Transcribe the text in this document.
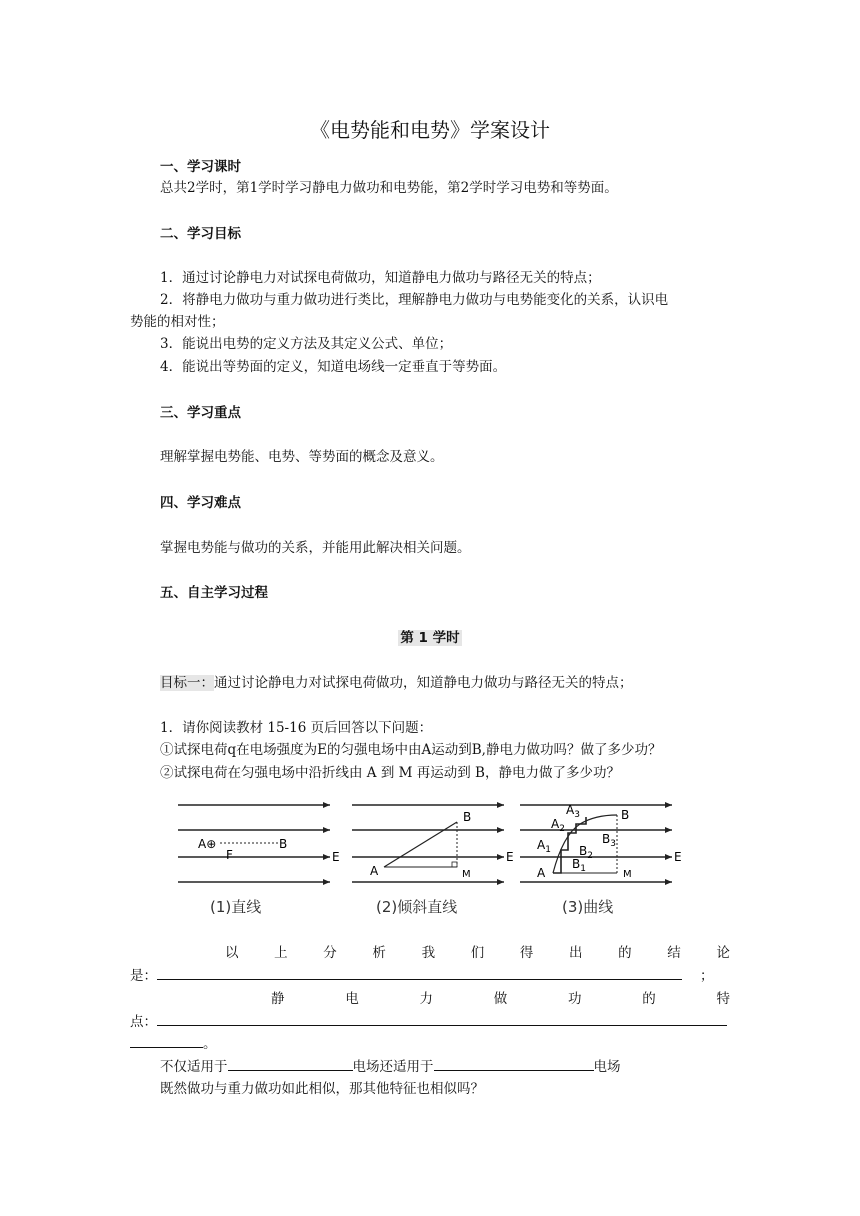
《电势能和电势》学案设计
一、学习课时
总共2学时，第1学时学习静电力做功和电势能，第2学时学习电势和等势面。
二、学习目标
1．通过讨论静电力对试探电荷做功，知道静电力做功与路径无关的特点；
2．将静电力做功与重力做功进行类比，理解静电力做功与电势能变化的关系，认识电
势能的相对性；
3．能说出电势的定义方法及其定义公式、单位；
4．能说出等势面的定义，知道电场线一定垂直于等势面。
三、学习重点
理解掌握电势能、电势、等势面的概念及意义。
四、学习难点
掌握电势能与做功的关系，并能用此解决相关问题。
五、自主学习过程
第 1 学时
目标一：通过讨论静电力对试探电荷做功，知道静电力做功与路径无关的特点；
1．请你阅读教材 15-16 页后回答以下问题：
①试探电荷q在电场强度为E的匀强电场中由A运动到B,静电力做功吗？做了多少功？
②试探电荷在匀强电场中沿折线由 A 到 M 再运动到 B，静电力做了多少功？
A⊕
F
B
E
(1)直线
A
B
M
E
(2)倾斜直线
A
$A_1$
$A_2$
$A_3$	B
$B_1$
$B_2$
$B_3$
M
E
(3)曲线
以	上	分	析	我	们	得	出	的	结	论
是：	；
静	电	力	做	功	的	特
点：
。
不仅适用于	电场还适用于	电场
既然做功与重力做功如此相似，那其他特征也相似吗？
